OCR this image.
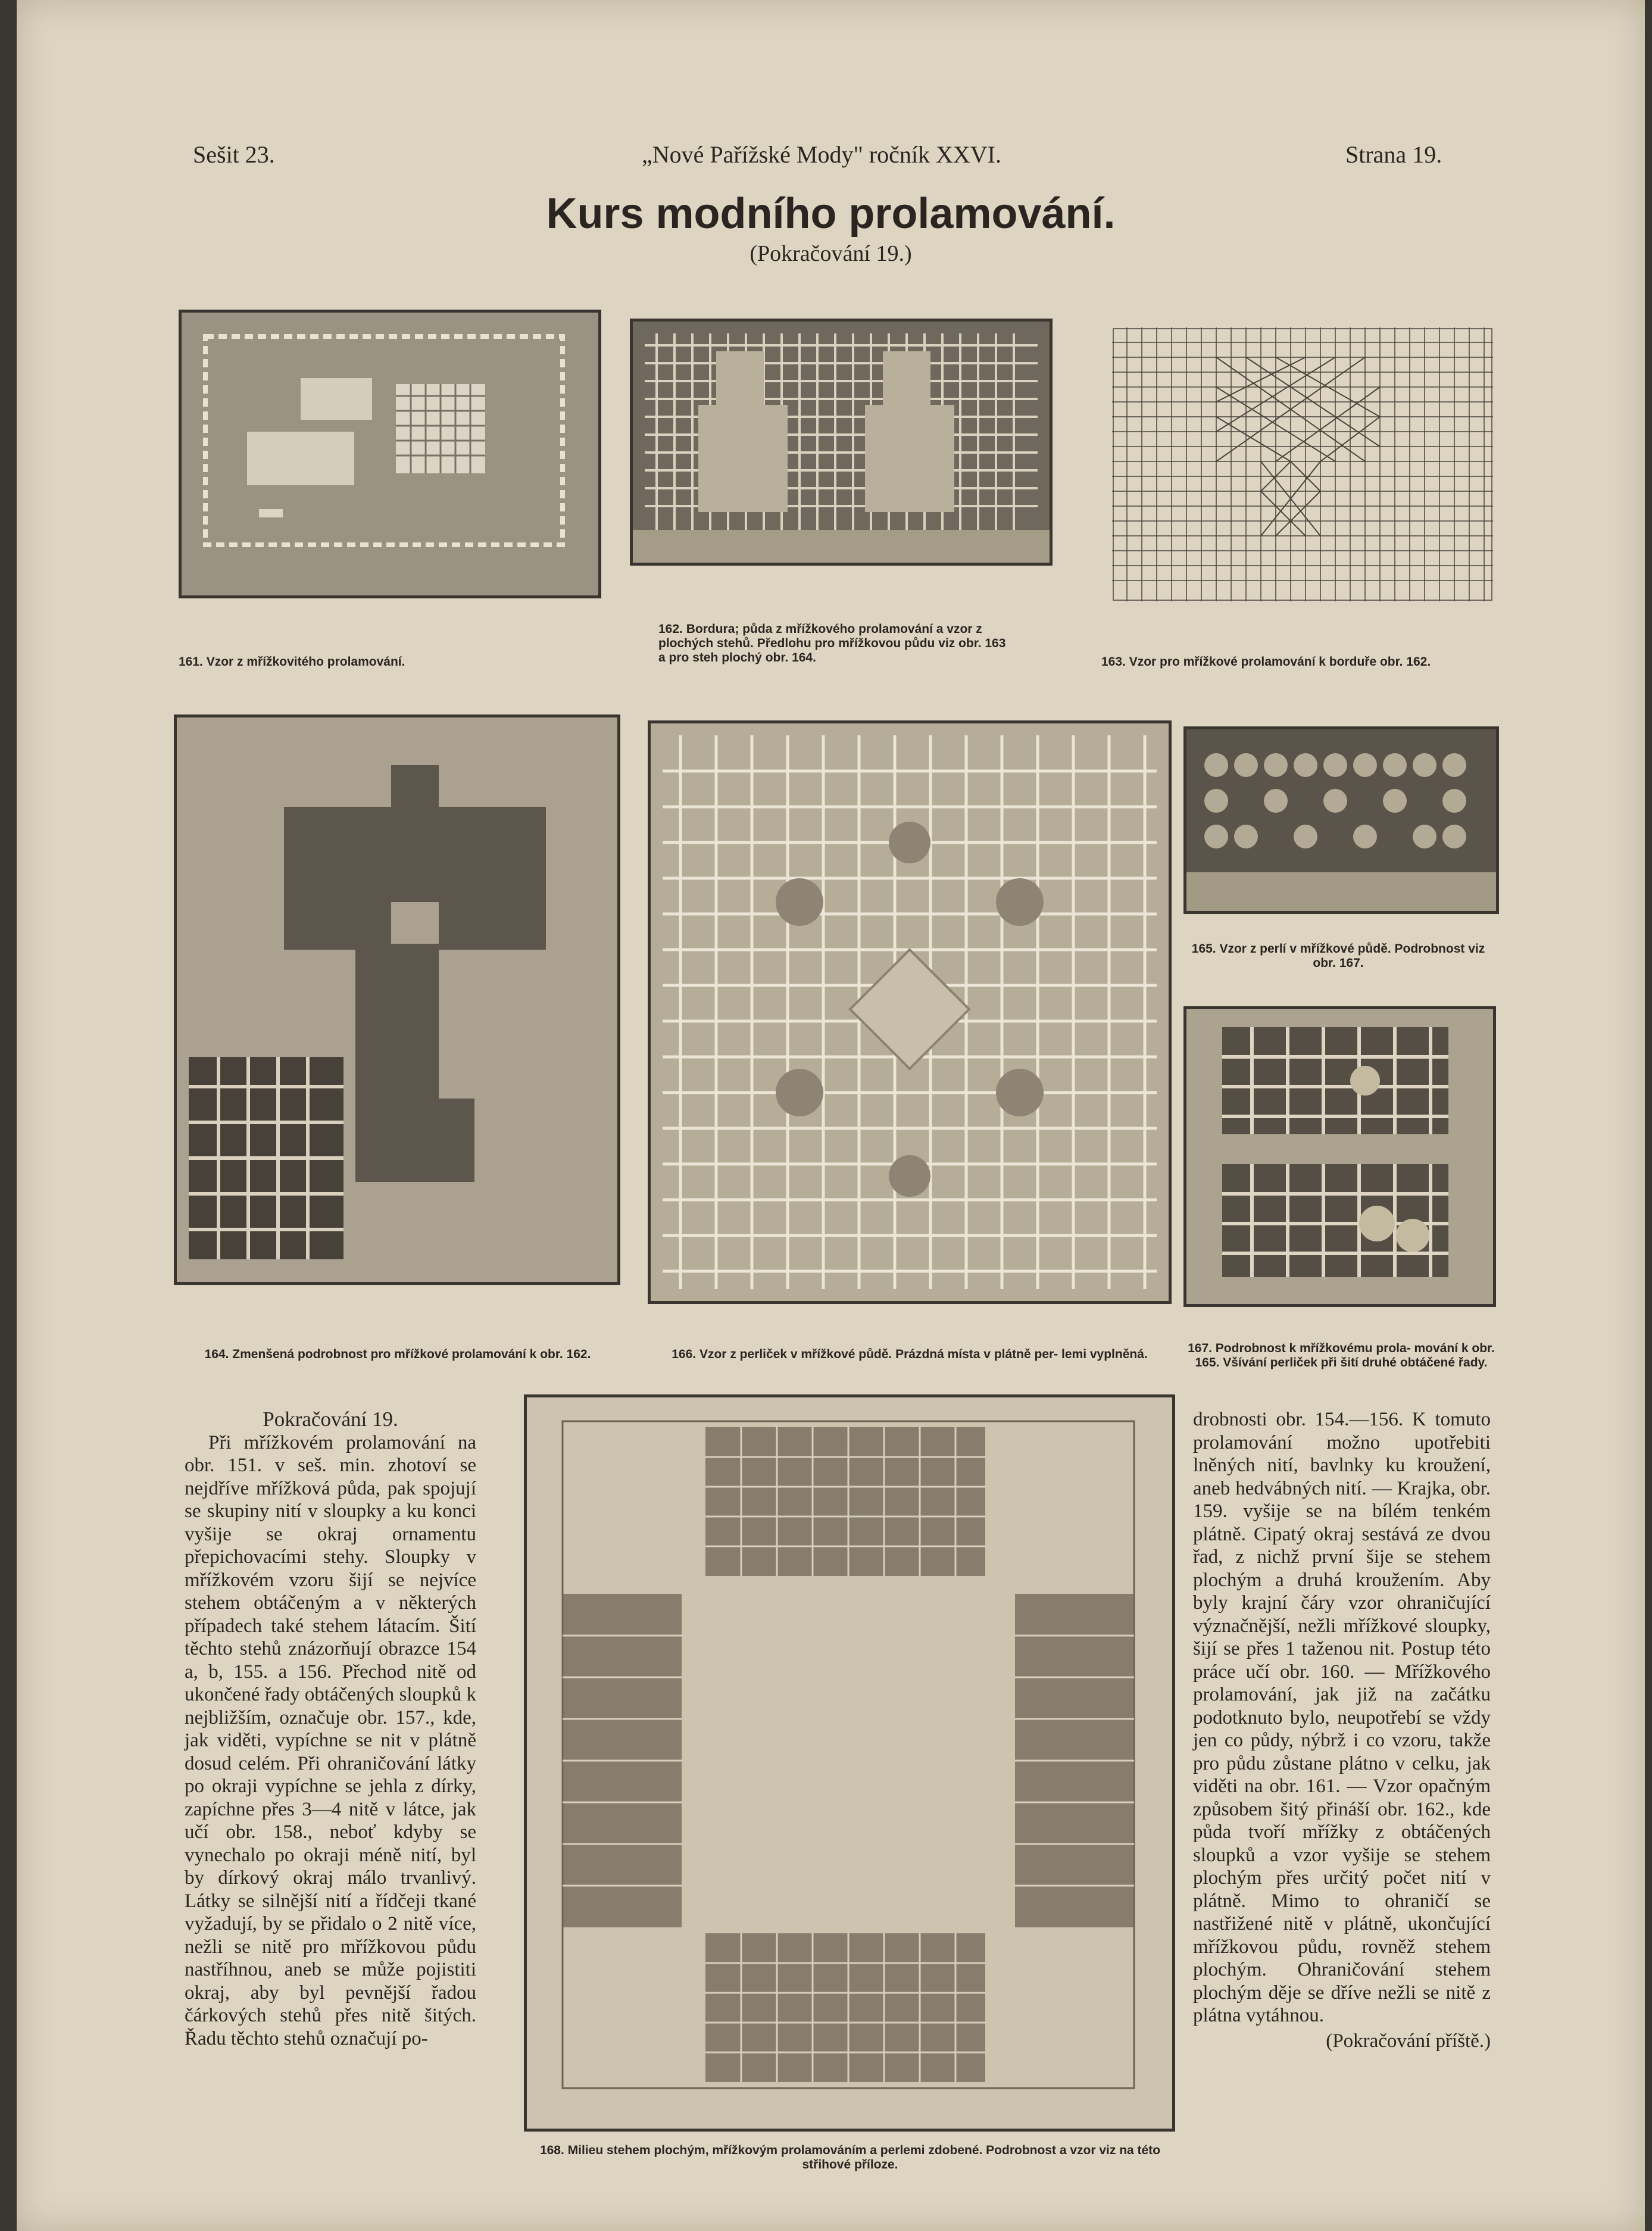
Sešit 23.	„Nové Pařížské Mody" ročník XXVI.	Strana 19.
Kurs modního prolamování.
(Pokračování 19.)
161. Vzor z mřížkovitého prolamování.
162. Bordura; půda z mřížkového prolamování a vzor z plochých stehů. Předlohu pro mřížkovou půdu viz obr. 163 a pro steh plochý obr. 164.	163. Vzor pro mřížkové prolamování k borduře obr. 162.
164. Zmenšená podrobnost pro mřížkové prolamování k obr. 162.	166. Vzor z perliček v mřížkové půdě. Prázdná místa v plátně per- lemi vyplněná.
165. Vzor z perlí v mřížkové půdě. Podrobnost viz obr. 167.
167. Podrobnost k mřížkovému prola- mování k obr. 165. Všívání perliček při šití druhé obtáčené řady.
168. Milieu stehem plochým, mřížkovým prolamováním a perlemi zdobené. Podrobnost a vzor viz na této střihové příloze.

Pokračování 19.

Při mřížkovém prolamování na obr. 151. v seš. min. zhotoví se nejdříve mřížková půda, pak spojují se skupiny nití v sloupky a ku konci vyšije se okraj ornamentu přepichovacími stehy. Sloupky v mřížkovém vzoru šijí se nejvíce stehem obtáčeným a v některých případech také stehem látacím. Šití těchto stehů znázorňují obrazce 154 a, b, 155. a 156. Přechod nitě od ukončené řady obtáčených sloupků k nejbližším, označuje obr. 157., kde, jak viděti, vypíchne se nit v plátně dosud celém. Při ohraničování látky po okraji vypíchne se jehla z dírky, zapíchne přes 3—4 nitě v látce, jak učí obr. 158., neboť kdyby se vynechalo po okraji méně nití, byl by dírkový okraj málo trvanlivý. Látky se silnější nití a řídčeji tkané vyžadují, by se přidalo o 2 nitě více, nežli se nitě pro mřížkovou půdu nastříhnou, aneb se může pojistiti okraj, aby byl pevnější řadou čárkových stehů přes nitě šitých. Řadu těchto stehů označují po-

drobnosti obr. 154.—156. K tomuto prolamování možno upotřebiti lněných nití, bavlnky ku kroužení, aneb hedvábných nití. — Krajka, obr. 159. vyšije se na bílém tenkém plátně. Cipatý okraj sestává ze dvou řad, z nichž první šije se stehem plochým a druhá kroužením. Aby byly krajní čáry vzor ohraničující význačnější, nežli mřížkové sloupky, šijí se přes 1 taženou nit. Postup této práce učí obr. 160. — Mřížkového prolamování, jak již na začátku podotknuto bylo, neupotřebí se vždy jen co půdy, nýbrž i co vzoru, takže pro půdu zůstane plátno v celku, jak viděti na obr. 161. — Vzor opačným způsobem šitý přináší obr. 162., kde půda tvoří mřížky z obtáčených sloupků a vzor vyšije se stehem plochým přes určitý počet nití v plátně. Mimo to ohraničí se nastřižené nitě v plátně, ukončující mřížkovou půdu, rovněž stehem plochým. Ohraničování stehem plochým děje se dříve nežli se nitě z plátna vytáhnou.

(Pokračování příště.)
